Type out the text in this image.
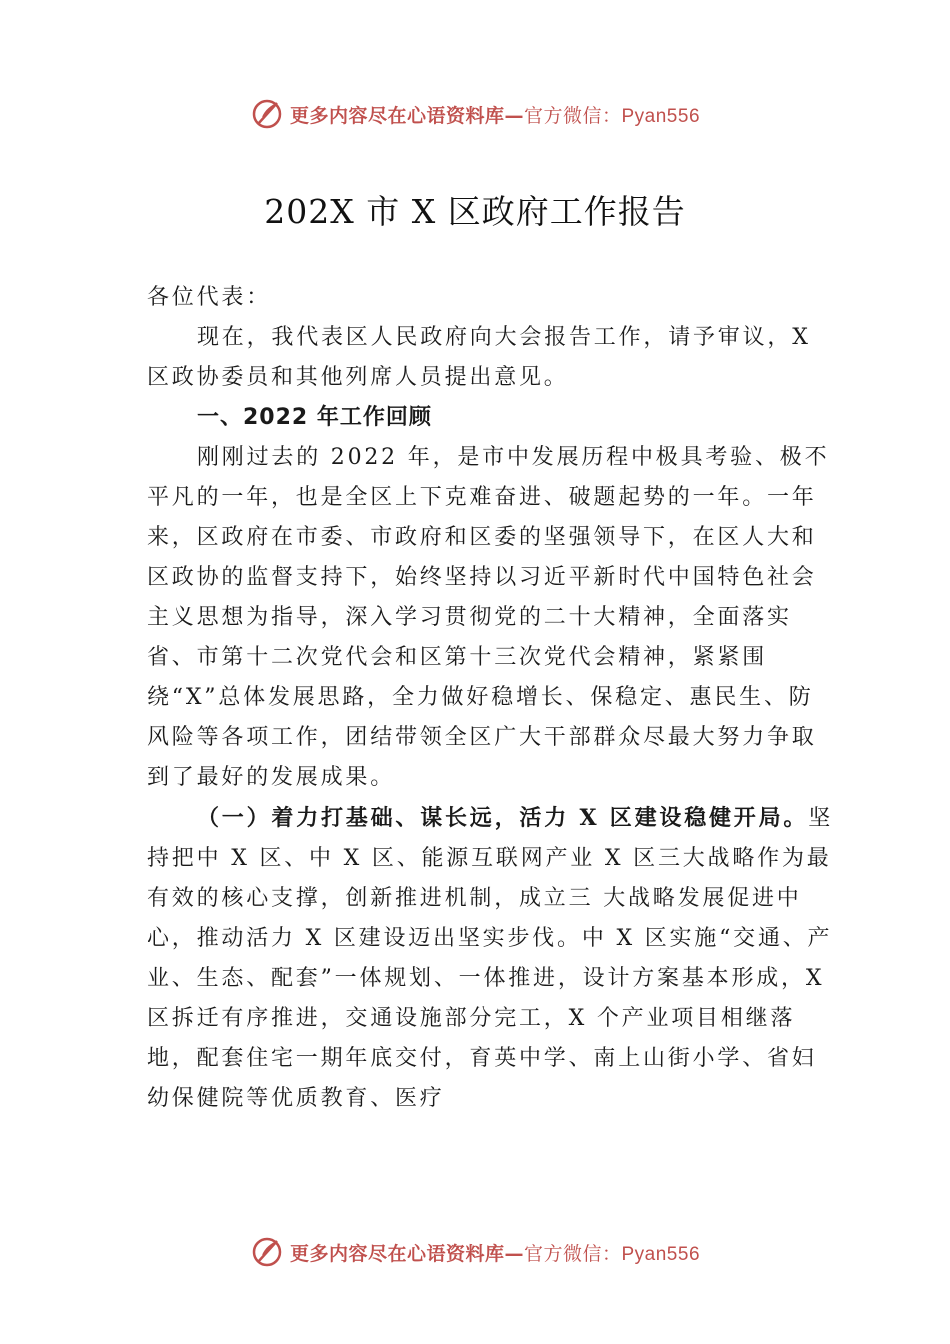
更多内容尽在心语资料库— 官方微信：Pyan556
202X 市 X 区政府工作报告

各位代表：

现在，我代表区人民政府向大会报告工作，请予审议，X 区政协委员和其他列席人员提出意见。

一、2022 年工作回顾

刚刚过去的 2022 年，是市中发展历程中极具考验、极不平凡的一年，也是全区上下克难奋进、破题起势的一年。一年来，区政府在市委、市政府和区委的坚强领导下，在区人大和区政协的监督支持下，始终坚持以习近平新时代中国特色社会主义思想为指导，深入学习贯彻党的二十大精神，全面落实省、市第十二次党代会和区第十三次党代会精神，紧紧围绕“X”总体发展思路，全力做好稳增长、保稳定、惠民生、防风险等各项工作，团结带领全区广大干部群众尽最大努力争取到了最好的发展成果。

（一）着力打基础、谋长远，活力 X 区建设稳健开局。坚持把中 X 区、中 X 区、能源互联网产业 X 区三大战略作为最有效的核心支撑，创新推进机制，成立三 大战略发展促进中心，推动活力 X 区建设迈出坚实步伐。中 X 区实施“交通、产业、生态、配套”一体规划、一体推进，设计方案基本形成，X 区拆迁有序推进，交通设施部分完工，X 个产业项目相继落地，配套住宅一期年底交付，育英中学、南上山街小学、省妇幼保健院等优质教育、医疗

更多内容尽在心语资料库— 官方微信：Pyan556
